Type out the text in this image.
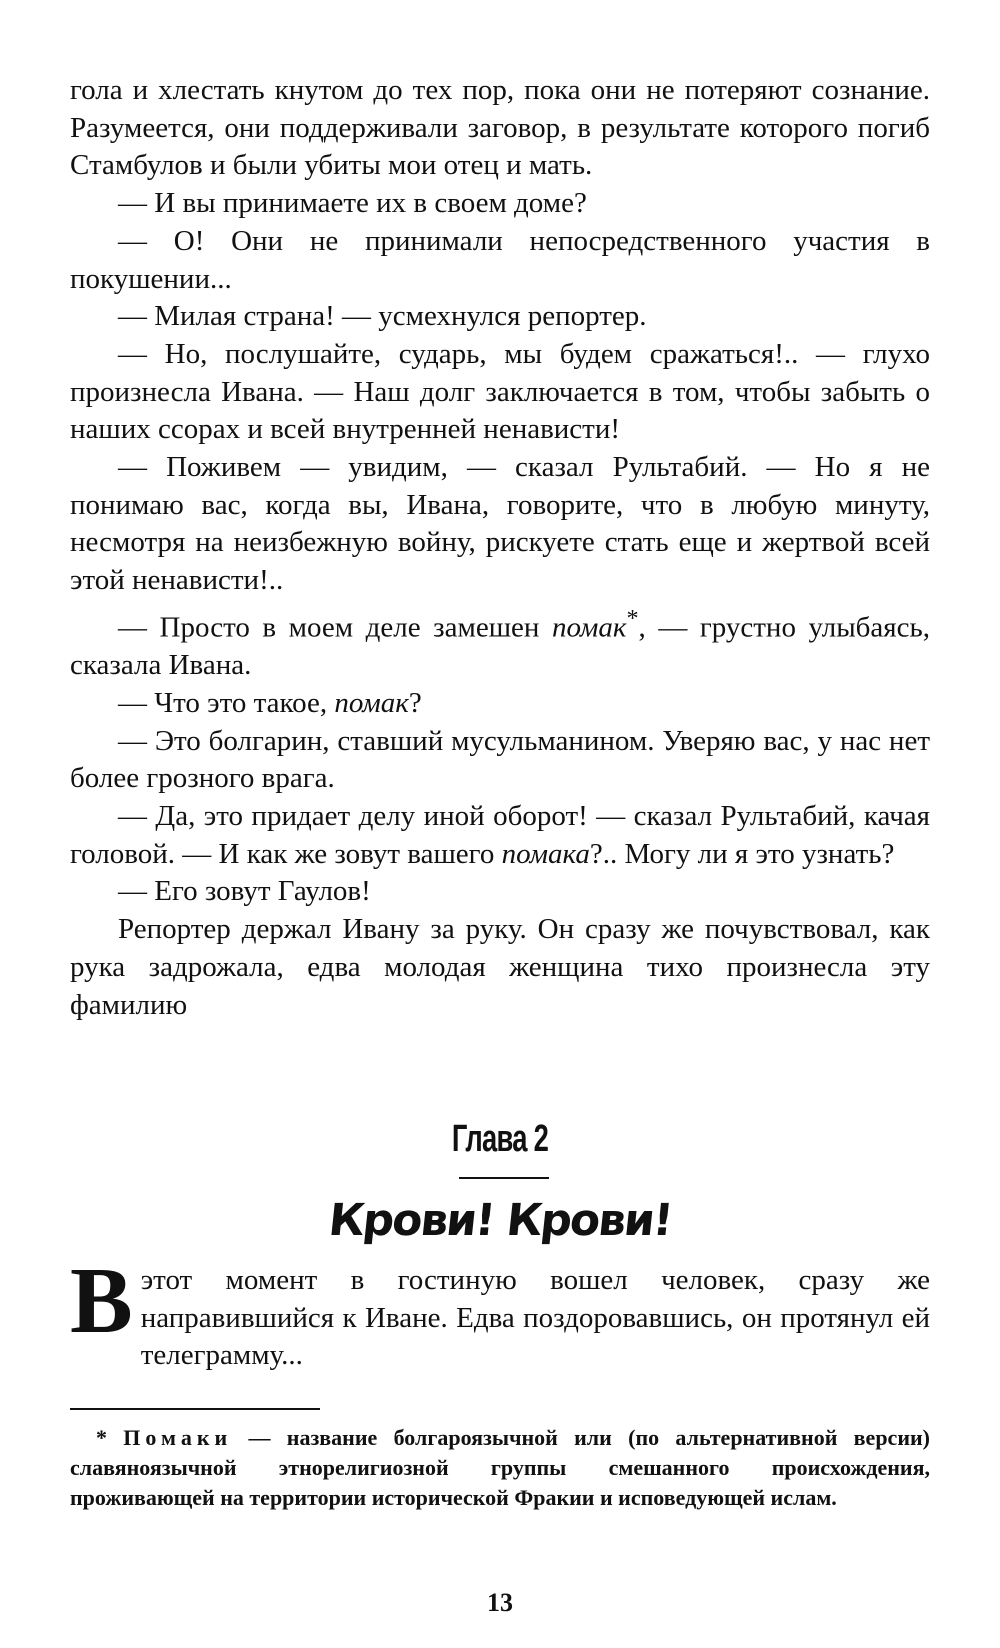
гола и хлестать кнутом до тех пор, пока они не потеряют сознание. Разумеется, они поддерживали заговор, в результате которого погиб Стамбулов и были убиты мои отец и мать.

— И вы принимаете их в своем доме?

— О! Они не принимали непосредственного участия в покушении...

— Милая страна! — усмехнулся репортер.

— Но, послушайте, сударь, мы будем сражаться!.. — глухо произнесла Ивана. — Наш долг заключается в том, чтобы забыть о наших ссорах и всей внутренней ненависти!

— Поживем — увидим, — сказал Рультабий. — Но я не понимаю вас, когда вы, Ивана, говорите, что в любую минуту, несмотря на неизбежную войну, рискуете стать еще и жертвой всей этой ненависти!..

— Просто в моем деле замешен помак*, — грустно улыбаясь, сказала Ивана.

— Что это такое, помак?

— Это болгарин, ставший мусульманином. Уверяю вас, у нас нет более грозного врага.

— Да, это придает делу иной оборот! — сказал Рультабий, качая головой. — И как же зовут вашего помака?.. Могу ли я это узнать?

— Его зовут Гаулов!

Репортер держал Ивану за руку. Он сразу же почувствовал, как рука задрожала, едва молодая женщина тихо произнесла эту фамилию

Глава 2
Крови! Крови!

Вэтот момент в гостиную вошел человек, сразу же направившийся к Иване. Едва поздоровавшись, он протянул ей телеграмму...

* Помаки — название болгароязычной или (по альтернативной версии) славяноязычной этнорелигиозной группы смешанного происхождения, проживающей на территории исторической Фракии и исповедующей ислам.

13
